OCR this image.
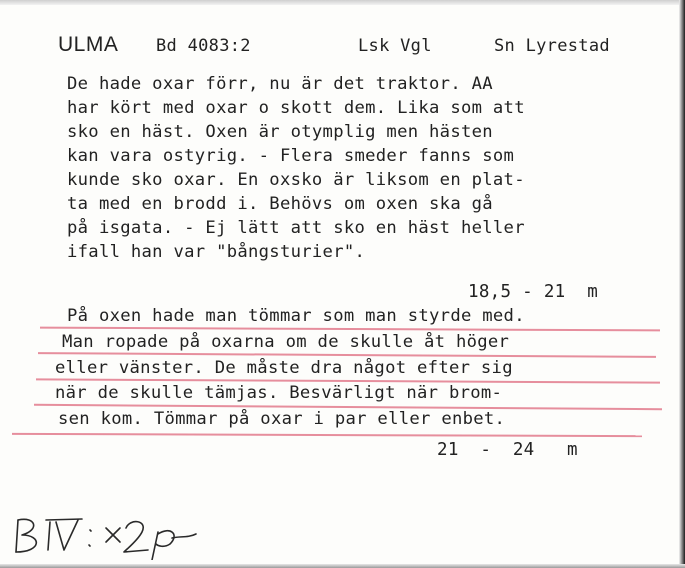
ULMA Bd 4083:2	Lsk Vgl	Sn Lyrestad
De hade oxar förr, nu är det traktor. AA
har kört med oxar o skott dem. Lika som att
sko en häst. Oxen är otymplig men hästen
kan vara ostyrig. - Flera smeder fanns som
kunde sko oxar. En oxsko är liksom en plat-
ta med en brodd i. Behövs om oxen ska gå
på isgata. - Ej lätt att sko en häst heller
ifall han var "bångsturier".
18,5 - 21  m
På oxen hade man tömmar som man styrde med.
Man ropade på oxarna om de skulle åt höger
eller vänster. De måste dra något efter sig
när de skulle tämjas. Besvärligt när brom-
sen kom. Tömmar på oxar i par eller enbet.
21  -  24   m
